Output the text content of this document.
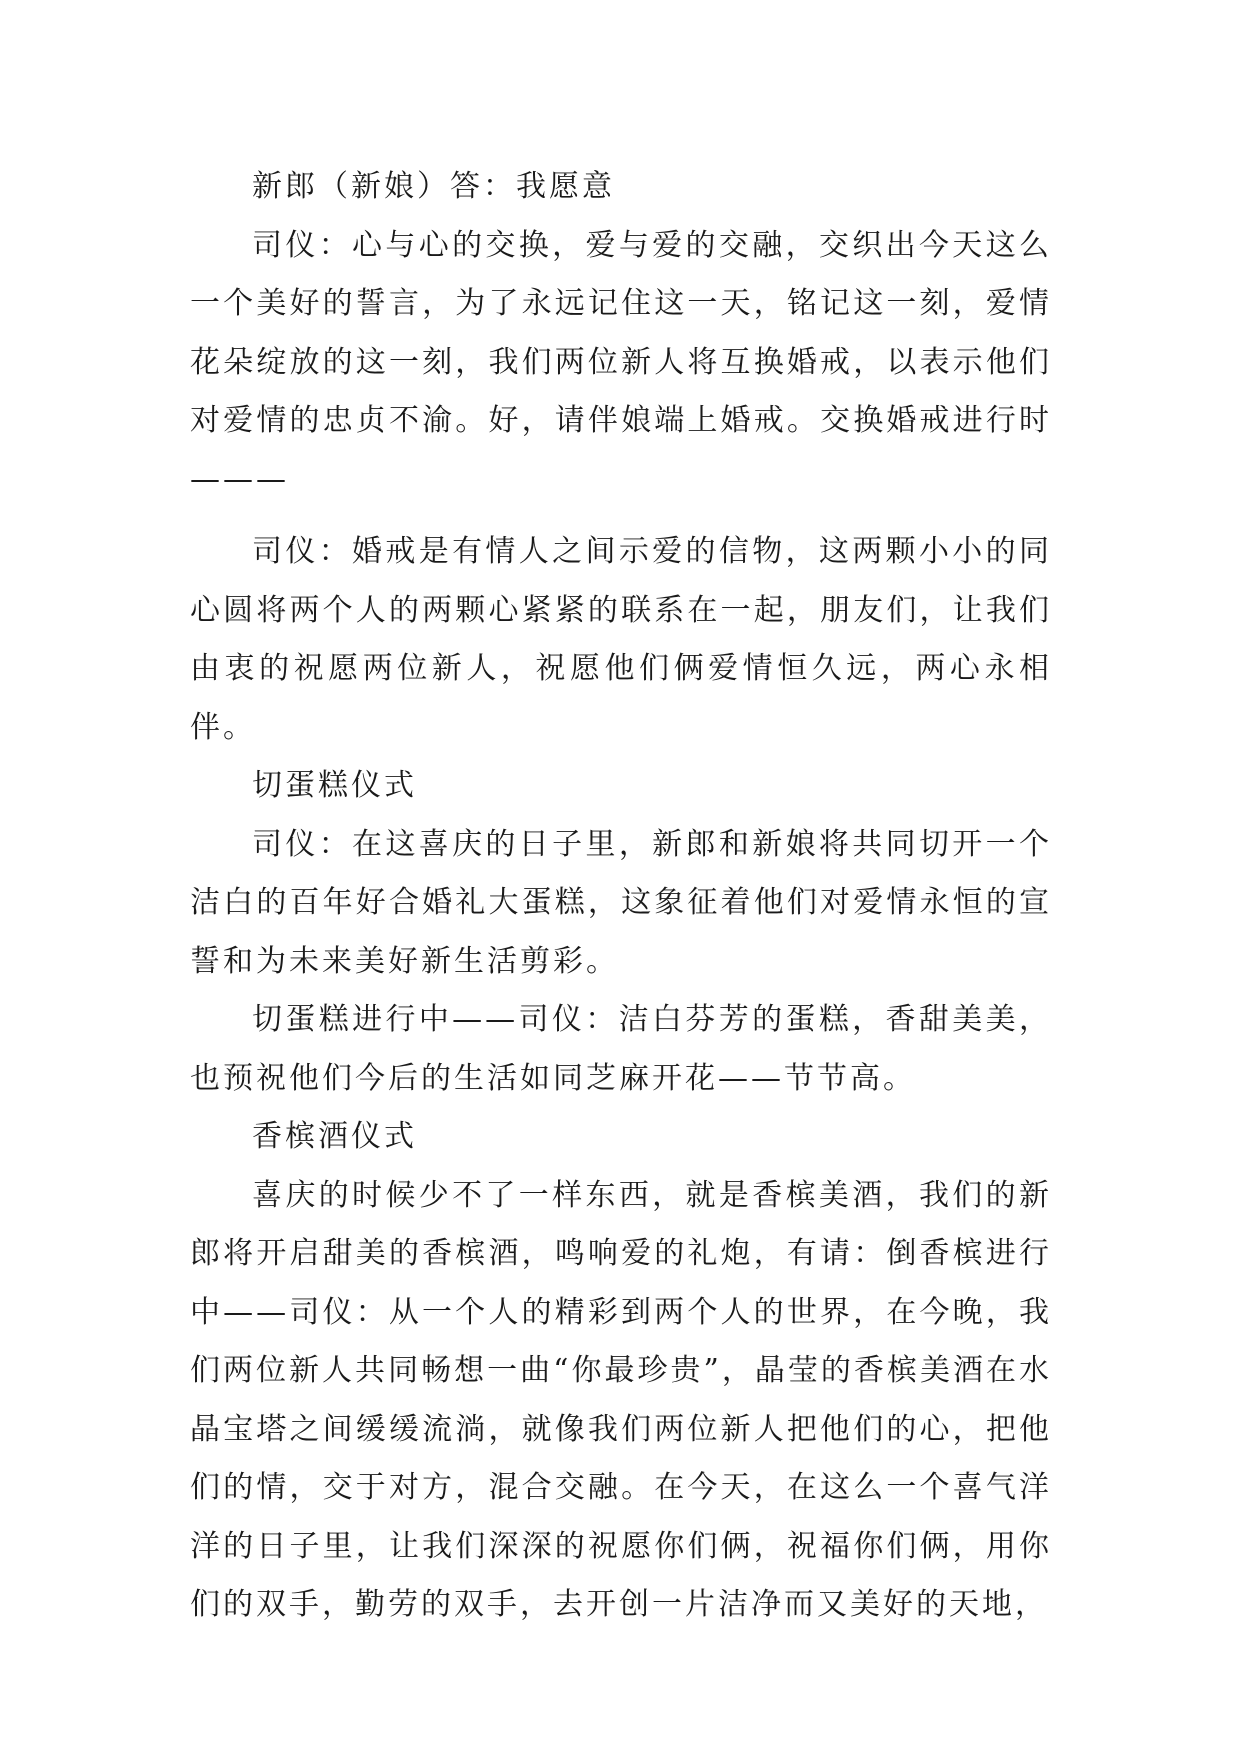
新郎（新娘）答：我愿意

司仪：心与心的交换，爱与爱的交融，交织出今天这么一个美好的誓言，为了永远记住这一天，铭记这一刻，爱情花朵绽放的这一刻，我们两位新人将互换婚戒，以表示他们对爱情的忠贞不渝。好，请伴娘端上婚戒。交换婚戒进行时———

司仪：婚戒是有情人之间示爱的信物，这两颗小小的同心圆将两个人的两颗心紧紧的联系在一起，朋友们，让我们由衷的祝愿两位新人，祝愿他们俩爱情恒久远，两心永相伴。

切蛋糕仪式

司仪：在这喜庆的日子里，新郎和新娘将共同切开一个洁白的百年好合婚礼大蛋糕，这象征着他们对爱情永恒的宣誓和为未来美好新生活剪彩。

切蛋糕进行中——司仪：洁白芬芳的蛋糕，香甜美美，也预祝他们今后的生活如同芝麻开花——节节高。

香槟酒仪式

喜庆的时候少不了一样东西，就是香槟美酒，我们的新郎将开启甜美的香槟酒，鸣响爱的礼炮，有请：倒香槟进行中——司仪：从一个人的精彩到两个人的世界，在今晚，我们两位新人共同畅想一曲“你最珍贵”，晶莹的香槟美酒在水晶宝塔之间缓缓流淌，就像我们两位新人把他们的心，把他们的情，交于对方，混合交融。在今天，在这么一个喜气洋洋的日子里，让我们深深的祝愿你们俩，祝福你们俩，用你们的双手，勤劳的双手，去开创一片洁净而又美好的天地，
